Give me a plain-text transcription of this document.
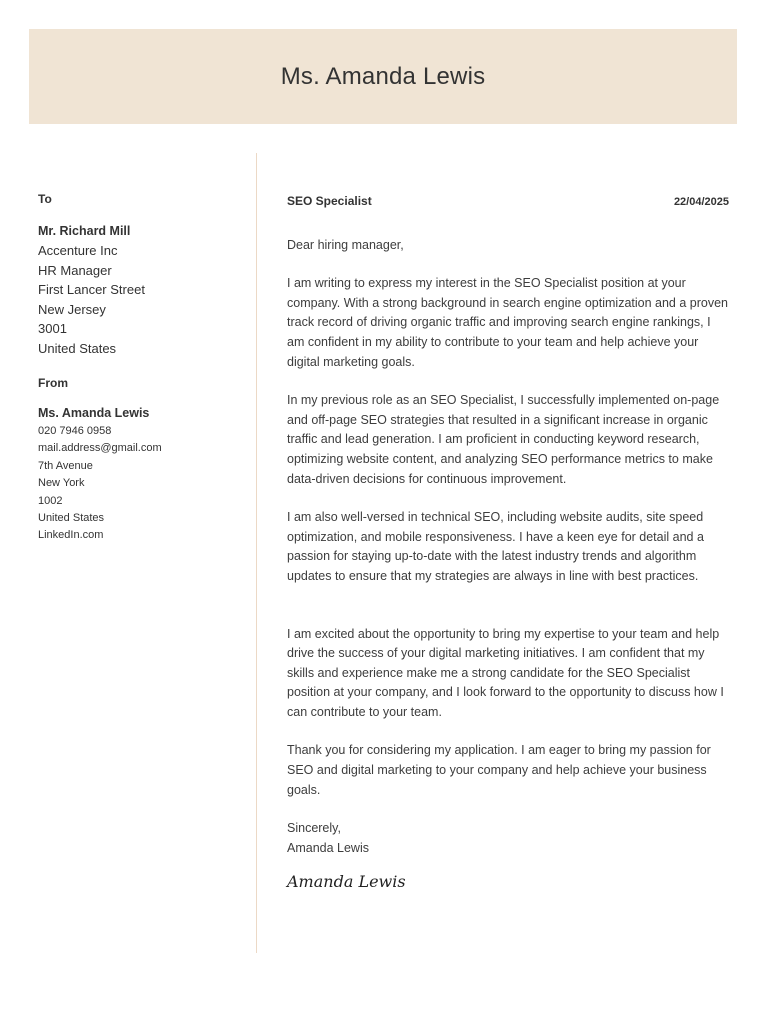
Ms. Amanda Lewis
To
Mr. Richard Mill
Accenture Inc
HR Manager
First Lancer Street
New Jersey
3001
United States
From
Ms. Amanda Lewis
020 7946 0958
mail.address@gmail.com
7th Avenue
New York
1002
United States
LinkedIn.com
SEO Specialist	22/04/2025

Dear hiring manager,

I am writing to express my interest in the SEO Specialist position at your company. With a strong background in search engine optimization and a proven track record of driving organic traffic and improving search engine rankings, I am confident in my ability to contribute to your team and help achieve your digital marketing goals.

In my previous role as an SEO Specialist, I successfully implemented on-page and off-page SEO strategies that resulted in a significant increase in organic traffic and lead generation. I am proficient in conducting keyword research, optimizing website content, and analyzing SEO performance metrics to make data-driven decisions for continuous improvement.

I am also well-versed in technical SEO, including website audits, site speed optimization, and mobile responsiveness. I have a keen eye for detail and a passion for staying up-to-date with the latest industry trends and algorithm updates to ensure that my strategies are always in line with best practices.

I am excited about the opportunity to bring my expertise to your team and help drive the success of your digital marketing initiatives. I am confident that my skills and experience make me a strong candidate for the SEO Specialist position at your company, and I look forward to the opportunity to discuss how I can contribute to your team.

Thank you for considering my application. I am eager to bring my passion for SEO and digital marketing to your company and help achieve your business goals.

Sincerely,
Amanda Lewis
Amanda Lewis
